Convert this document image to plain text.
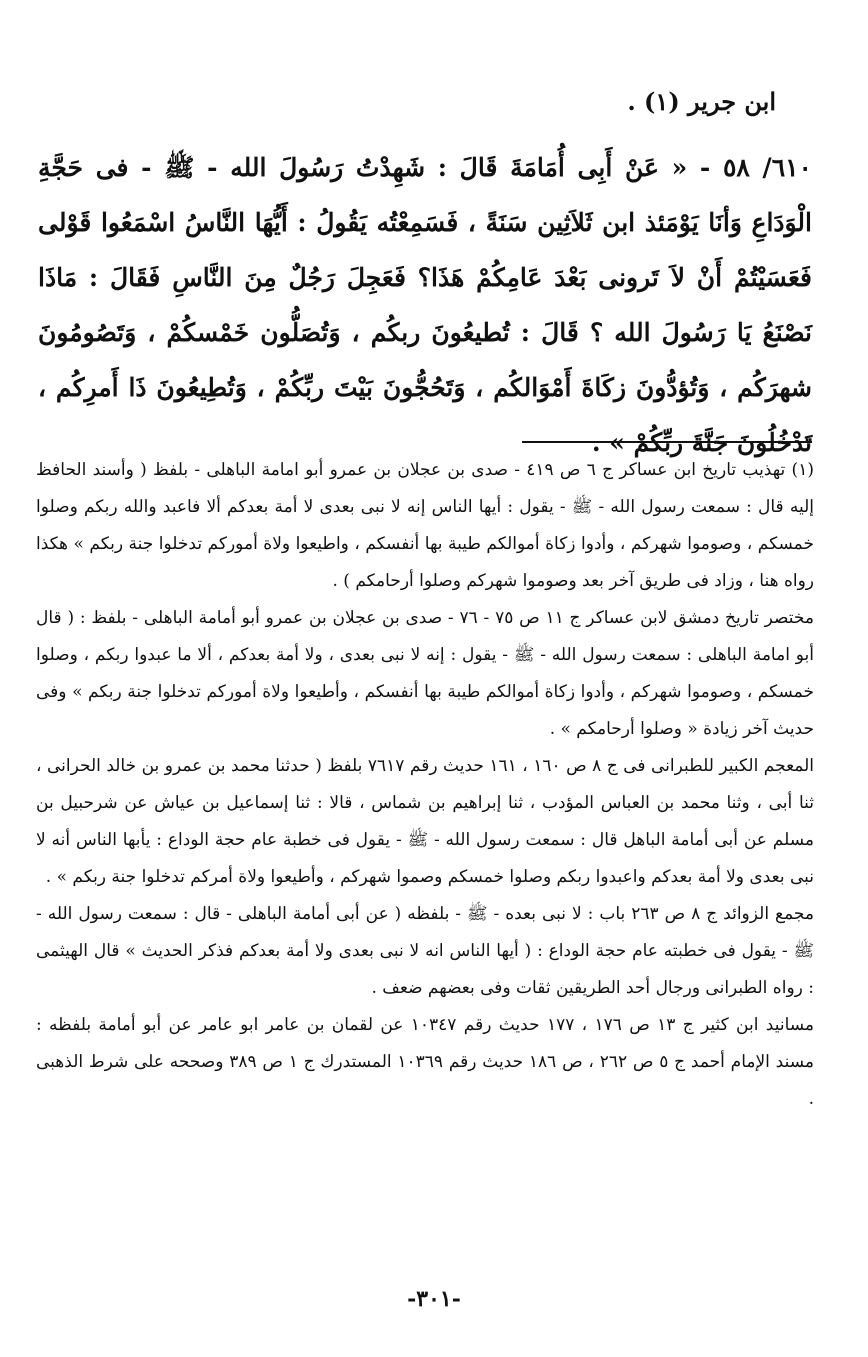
ابن جرير (١) .
٦١٠/ ٥٨ - « عَنْ أَبِى أُمَامَةَ قَالَ : شَهِدْتُ رَسُولَ الله - ﷺ - فى حَجَّةِ الْوَدَاعِ وَأنَا يَوْمَئذ ابن ثَلاَثِين سَنَةً ، فَسَمِعْتُه يَقُولُ : أَيُّهَا النَّاسُ اسْمَعُوا قَوْلى فَعَسَيْتُمْ أَنْ لاَ تَرونى بَعْدَ عَامِكُمْ هَذَا؟ فَعَجِلَ رَجُلٌ مِنَ النَّاسِ فَقَالَ : مَاذَا نَصْنَعُ يَا رَسُولَ الله ؟ قَالَ : تُطيعُونَ ربكُم ، وَتُصَلُّون خَمْسكُمْ ، وَتَصُومُونَ شهرَكُم ، وَتُؤدُّونَ زكَاةَ أَمْوَالكُم ، وَتَحُجُّونَ بَيْتَ ربِّكُمْ ، وَتُطِيعُونَ ذَا أَمرِكُم ، تَدْخُلُونَ جَنَّةَ ربِّكُمْ » .

(١) تهذيب تاريخ ابن عساكر ج ٦ ص ٤١٩ - صدى بن عجلان بن عمرو أبو امامة الباهلى - بلفظ ( وأسند الحافظ إليه قال : سمعت رسول الله - ﷺ - يقول : أيها الناس إنه لا نبى بعدى لا أمة بعدكم ألا فاعبد والله ربكم وصلوا خمسكم ، وصوموا شهركم ، وأدوا زكاة أموالكم طيبة بها أنفسكم ، واطيعوا ولاة أموركم تدخلوا جنة ربكم » هكذا رواه هنا ، وزاد فى طريق آخر بعد وصوموا شهركم وصلوا أرحامكم ) .

مختصر تاريخ دمشق لابن عساكر ج ١١ ص ٧٥ - ٧٦ - صدى بن عجلان بن عمرو أبو أمامة الباهلى - بلفظ : ( قال أبو امامة الباهلى : سمعت رسول الله - ﷺ - يقول : إنه لا نبى بعدى ، ولا أمة بعدكم ، ألا ما عبدوا ربكم ، وصلوا خمسكم ، وصوموا شهركم ، وأدوا زكاة أموالكم طيبة بها أنفسكم ، وأطيعوا ولاة أموركم تدخلوا جنة ربكم » وفى حديث آخر زيادة « وصلوا أرحامكم » .

المعجم الكبير للطبرانى فى ج ٨ ص ١٦٠ ، ١٦١ حديث رقم ٧٦١٧ بلفظ ( حدثنا محمد بن عمرو بن خالد الحرانى ، ثنا أبى ، وثنا محمد بن العباس المؤدب ، ثنا إبراهيم بن شماس ، قالا : ثنا إسماعيل بن عياش عن شرحبيل بن مسلم عن أبى أمامة الباهل قال : سمعت رسول الله - ﷺ - يقول فى خطبة عام حجة الوداع : يأبها الناس أنه لا نبى بعدى ولا أمة بعدكم واعبدوا ربكم وصلوا خمسكم وصموا شهركم ، وأطيعوا ولاة أمركم تدخلوا جنة ربكم » .

مجمع الزوائد ج ٨ ص ٢٦٣ باب : لا نبى بعده - ﷺ - بلفظه ( عن أبى أمامة الباهلى - قال : سمعت رسول الله - ﷺ - يقول فى خطبته عام حجة الوداع : ( أيها الناس انه لا نبى بعدى ولا أمة بعدكم فذكر الحديث » قال الهيثمى : رواه الطبرانى ورجال أحد الطريقين ثقات وفى بعضهم ضعف .

مسانيد ابن كثير ج ١٣ ص ١٧٦ ، ١٧٧ حديث رقم ١٠٣٤٧ عن لقمان بن عامر ابو عامر عن أبو أمامة بلفظه : مسند الإمام أحمد ج ٥ ص ٢٦٢ ، ص ١٨٦ حديث رقم ١٠٣٦٩ المستدرك ج ١ ص ٣٨٩ وصححه على شرط الذهبى .

-٣٠١-
